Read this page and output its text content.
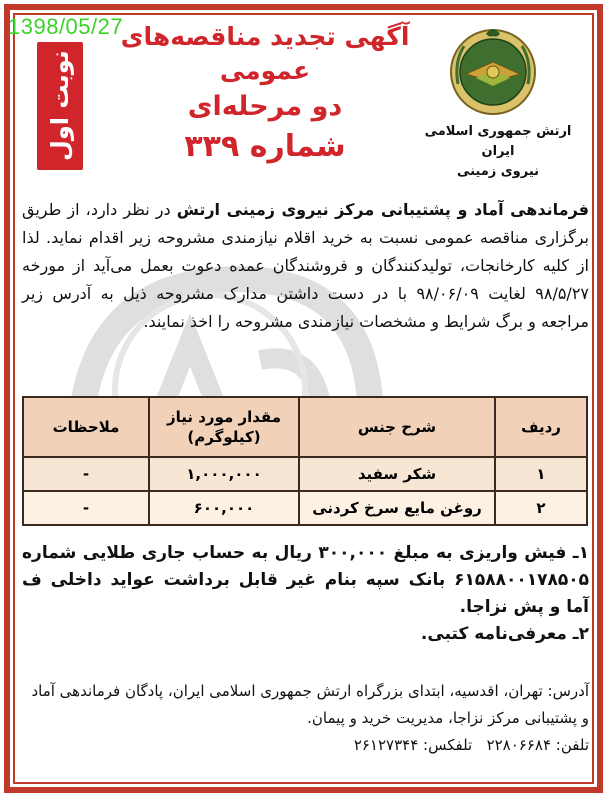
1398/05/27
نوبت اول
آگهی تجدید مناقصه‌های عمومی
دو مرحله‌ای
شماره ۳۳۹	ارتش جمهوری اسلامی ایران
نیروی زمینی
فرماندهی آماد و پشتیبانی مرکز نیروی زمینی ارتش در نظر دارد، از طریق برگزاری مناقصه عمومی نسبت به خرید اقلام نیازمندی مشروحه زیر اقدام نماید. لذا از کلیه کارخانجات، تولیدکنندگان و فروشندگان عمده دعوت بعمل می‌آید از مورخه ۹۸/۵/۲۷ لغایت ۹۸/۰۶/۰۹ با در دست داشتن مدارک مشروحه ذیل به آدرس زیر مراجعه و برگ شرایط و مشخصات نیازمندی مشروحه را اخذ نمایند.
ردیف	شرح جنس	مقدار مورد نیاز (کیلوگرم)	ملاحظات
۱	شکر سفید	۱,۰۰۰,۰۰۰	-
۲	روغن مایع سرخ کردنی	۶۰۰,۰۰۰	-
۱ـ فیش واریزی به مبلغ ۳۰۰,۰۰۰ ریال به حساب جاری طلایی شماره ۶۱۵۸۸۰۰۱۷۸۵۰۵ بانک سپه بنام غیر قابل برداشت عواید داخلی ف آما و پش نزاجا.
۲ـ معرفی‌نامه کتبی.
آدرس: تهران، اقدسیه، ابتدای بزرگراه ارتش جمهوری اسلامی ایران، پادگان فرماندهی آماد و پشتیبانی مرکز نزاجا، مدیریت خرید و پیمان.
تلفن: ۲۲۸۰۶۶۸۴   تلفکس: ۲۶۱۲۷۳۴۴
